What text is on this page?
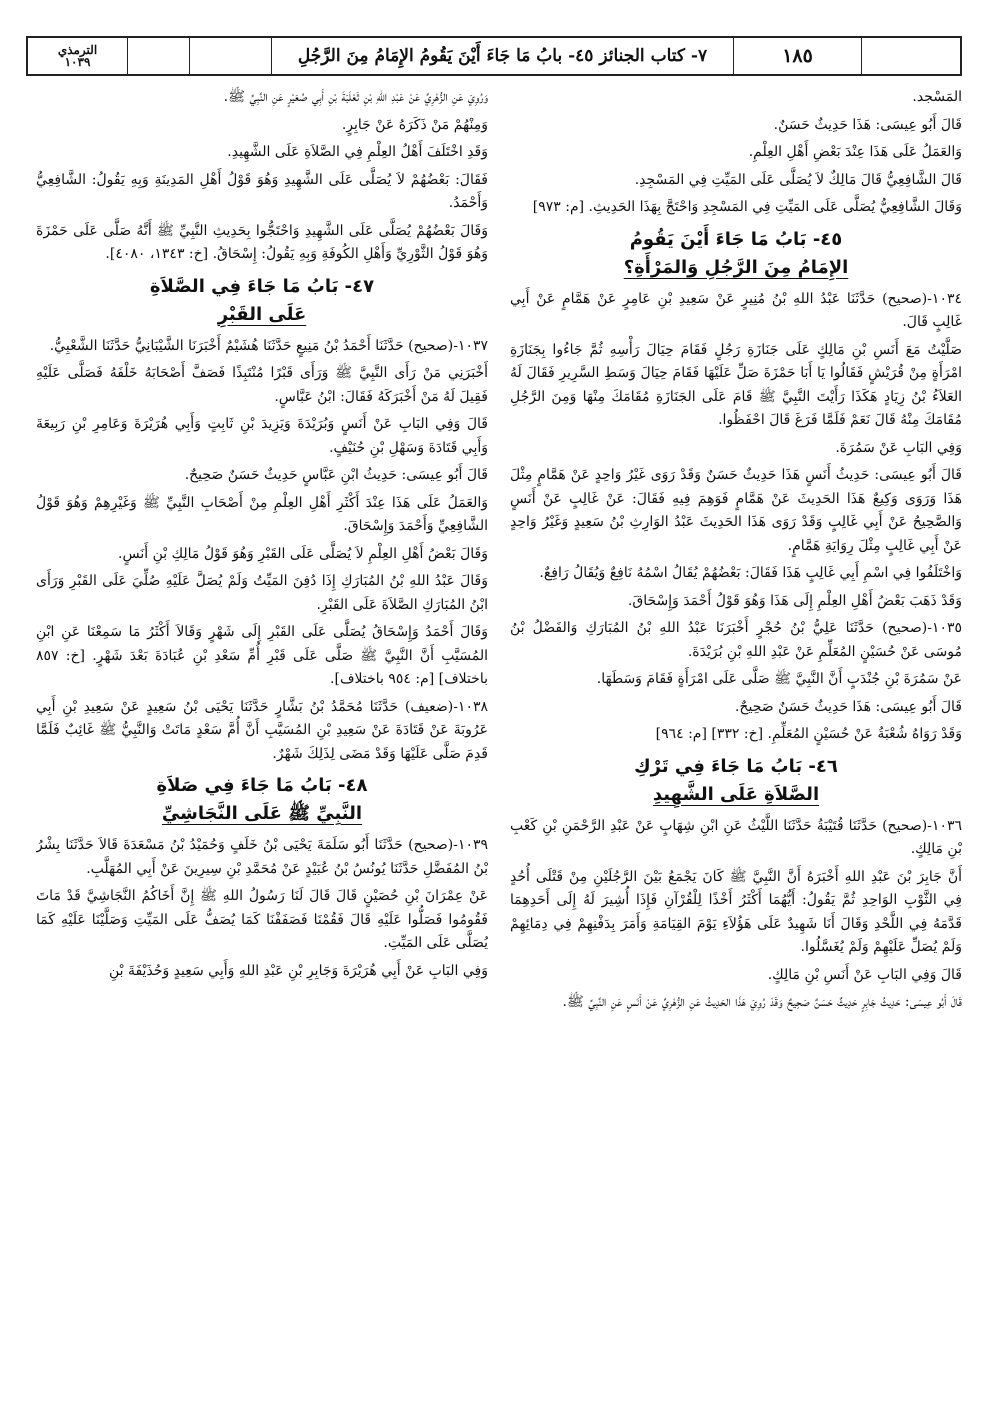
الترمذي
١٠٣٩	٧- كتاب الجنائز ٤٥- بابُ مَا جَاءَ أَيْنَ يَقُومُ الإِمَامُ مِنَ الرَّجُلِ	١٨٥

المَسْجد.

قَالَ أَبُو عِيسَى: هَذَا حَدِيثٌ حَسَنٌ.

وَالعَمَلُ عَلَى هَذَا عِنْدَ بَعْضِ أَهْلِ العِلْمِ.

قَالَ الشَّافِعِيُّ قَالَ مَالِكٌ لاَ يُصَلَّى عَلَى المَيِّتِ فِي المَسْجِدِ.

وَقَالَ الشَّافِعِيُّ يُصَلَّى عَلَى المَيِّتِ فِي المَسْجِدِ وَاحْتَجَّ بِهَذَا الحَدِيثِ. [م: ٩٧٣]

٤٥- بَابُ مَا جَاءَ أَيْنَ يَقُومُ
الإِمَامُ مِنَ الرَّجُلِ وَالمَرْأَةِ؟

١٠٣٤-(صحيح) حَدَّثَنَا عَبْدُ اللهِ بْنُ مُنِيرٍ عَنْ سَعِيدِ بْنِ عَامِرٍ عَنْ هَمَّامٍ عَنْ أَبِي غَالِبٍ قَالَ.

صَلَّيْتُ مَعَ أَنَسِ بْنِ مَالِكٍ عَلَى جَنَازَةِ رَجُلٍ فَقَامَ حِيَالَ رَأْسِهِ ثُمَّ جَاءُوا بِجَنَازَةِ امْرَأَةٍ مِنْ قُرَيْشٍ فَقَالُوا يَا أَبَا حَمْزَةَ صَلِّ عَلَيْهَا فَقَامَ حِيَالَ وَسَطِ السَّرِيرِ فَقَالَ لَهُ العَلاَءُ بْنُ زِيَادٍ هَكَذَا رَأَيْتَ النَّبِيَّ ﷺ قَامَ عَلَى الجَنَازَةِ مُقَامَكَ مِنْهَا وَمِنَ الرَّجُلِ مُقَامَكَ مِنْهُ قَالَ نَعَمْ فَلَمَّا فَرَغَ قَالَ احْفَظُوا.

وَفِي البَابِ عَنْ سَمُرَةَ.

قَالَ أَبُو عِيسَى: حَدِيثُ أَنَسٍ هَذَا حَدِيثٌ حَسَنٌ وَقَدْ رَوَى غَيْرُ وَاحِدٍ عَنْ هَمَّامٍ مِثْلَ هَذَا وَرَوَى وَكِيعٌ هَذَا الحَدِيثَ عَنْ هَمَّامٍ فَوَهِمَ فِيهِ فَقَالَ: عَنْ غَالِبٍ عَنْ أَنَسٍ وَالصَّحِيحُ عَنْ أَبِي غَالِبٍ وَقَدْ رَوَى هَذَا الحَدِيثَ عَبْدُ الوَارِثِ بْنُ سَعِيدٍ وَغَيْرُ وَاحِدٍ عَنْ أَبِي غَالِبٍ مِثْلَ رِوَايَةِ هَمَّامٍ.

وَاخْتَلَفُوا فِي اسْمِ أَبِي غَالِبٍ هَذَا فَقَالَ: بَعْضُهُمْ يُقَالُ اسْمُهُ نَافِعٌ وَيُقَالُ رَافِعٌ.

وَقَدْ ذَهَبَ بَعْضُ أَهْلِ العِلْمِ إِلَى هَذَا وَهُوَ قَوْلُ أَحْمَدَ وَإِسْحَاقَ.

١٠٣٥-(صحيح) حَدَّثَنَا عَلِيُّ بْنُ حُجْرٍ أَخْبَرَنَا عَبْدُ اللهِ بْنُ المُبَارَكِ وَالفَضْلُ بْنُ مُوسَى عَنْ حُسَيْنٍ المُعَلِّمِ عَنْ عَبْدِ اللهِ بْنِ بُرَيْدَةَ.

عَنْ سَمُرَةَ بْنِ جُنْدَبٍ أَنَّ النَّبِيَّ ﷺ صَلَّى عَلَى امْرَأَةٍ فَقَامَ وَسَطَهَا.

قَالَ أَبُو عِيسَى: هَذَا حَدِيثٌ حَسَنٌ صَحِيحٌ.

وَقَدْ رَوَاهُ شُعْبَةُ عَنْ حُسَيْنٍ المُعَلِّمِ. [خ: ٣٣٢] [م: ٩٦٤]

٤٦- بَابُ مَا جَاءَ فِي تَرْكِ
الصَّلاَةِ عَلَى الشَّهِيدِ

١٠٣٦-(صحيح) حَدَّثَنَا قُتَيْبَةُ حَدَّثَنَا اللَّيْثُ عَنِ ابْنِ شِهَابٍ عَنْ عَبْدِ الرَّحْمَنِ بْنِ كَعْبِ بْنِ مَالِكٍ.

أَنَّ جَابِرَ بْنَ عَبْدِ اللهِ أَخْبَرَهُ أَنَّ النَّبِيَّ ﷺ كَانَ يَجْمَعُ بَيْنَ الرَّجُلَيْنِ مِنْ قَتْلَى أُحُدٍ فِي الثَّوْبِ الوَاحِدِ ثُمَّ يَقُولُ: أَيُّهُمَا أَكْثَرُ أَخْذًا لِلْقُرْآنِ فَإِذَا أُشِيرَ لَهُ إِلَى أَحَدِهِمَا قَدَّمَهُ فِي اللَّحْدِ وَقَالَ أَنَا شَهِيدٌ عَلَى هَؤُلاَءِ يَوْمَ القِيَامَةِ وَأَمَرَ بِدَفْنِهِمْ فِي دِمَائِهِمْ وَلَمْ يُصَلِّ عَلَيْهِمْ وَلَمْ يُغَسَّلُوا.

قَالَ وَفِي البَابِ عَنْ أَنَسِ بْنِ مَالِكٍ.

قَالَ أَبُو عِيسَى: حَدِيثُ جَابِرٍ حَدِيثٌ حَسَنٌ صَحِيحٌ وَقَدْ رُوِيَ هَذَا الحَدِيثُ عَنِ الزُّهْرِيِّ عَنْ أَنَسٍ عَنِ النَّبِيِّ ﷺ.

وَرُوِيَ عَنِ الزُّهْرِيِّ عَنْ عَبْدِ اللهِ بْنِ ثَعْلَبَةَ بْنِ أَبِي صُعَيْرٍ عَنِ النَّبِيِّ ﷺ.

وَمِنْهُمْ مَنْ ذَكَرَهُ عَنْ جَابِرٍ.

وَقَدِ اخْتَلَفَ أَهْلُ العِلْمِ فِي الصَّلاَةِ عَلَى الشَّهِيدِ.

فَقَالَ: بَعْضُهُمْ لاَ يُصَلَّى عَلَى الشَّهِيدِ وَهُوَ قَوْلُ أَهْلِ المَدِينَةِ وَبِهِ يَقُولُ: الشَّافِعِيُّ وَأَحْمَدُ.

وَقَالَ بَعْضُهُمْ يُصَلَّى عَلَى الشَّهِيدِ وَاحْتَجُّوا بِحَدِيثِ النَّبِيِّ ﷺ أَنَّهُ صَلَّى عَلَى حَمْزَةَ وَهُوَ قَوْلُ الثَّوْرِيِّ وَأَهْلِ الكُوفَةِ وَبِهِ يَقُولُ: إِسْحَاقُ. [خ: ١٣٤٣، ٤٠٨٠].

٤٧- بَابُ مَا جَاءَ فِي الصَّلاَةِ
عَلَى القَبْرِ

١٠٣٧-(صحيح) حَدَّثَنَا أَحْمَدُ بْنُ مَنِيعٍ حَدَّثَنَا هُشَيْمٌ أَخْبَرَنَا الشَّيْبَانِيُّ حَدَّثَنَا الشَّعْبِيُّ.

أَخْبَرَنِي مَنْ رَأَى النَّبِيَّ ﷺ وَرَأَى قَبْرًا مُنْتَبِذًا فَصَفَّ أَصْحَابَهُ خَلْفَهُ فَصَلَّى عَلَيْهِ فَقِيلَ لَهُ مَنْ أَخْبَرَكَهُ فَقَالَ: ابْنُ عَبَّاسٍ.

قَالَ وَفِي البَابِ عَنْ أَنَسٍ وَبُرَيْدَةَ وَيَزِيدَ بْنِ ثَابِتٍ وَأَبِي هُرَيْرَةَ وَعَامِرِ بْنِ رَبِيعَةَ وَأَبِي قَتَادَةَ وَسَهْلِ بْنِ حُنَيْفٍ.

قَالَ أَبُو عِيسَى: حَدِيثُ ابْنِ عَبَّاسٍ حَدِيثٌ حَسَنٌ صَحِيحٌ.

وَالعَمَلُ عَلَى هَذَا عِنْدَ أَكْثَرِ أَهْلِ العِلْمِ مِنْ أَصْحَابِ النَّبِيِّ ﷺ وَغَيْرِهِمْ وَهُوَ قَوْلُ الشَّافِعِيِّ وَأَحْمَدَ وَإِسْحَاقَ.

وَقَالَ بَعْضُ أَهْلِ العِلْمِ لاَ يُصَلَّى عَلَى القَبْرِ وَهُوَ قَوْلُ مَالِكِ بْنِ أَنَسٍ.

وَقَالَ عَبْدُ اللهِ بْنُ المُبَارَكِ إِذَا دُفِنَ المَيِّتُ وَلَمْ يُصَلَّ عَلَيْهِ صُلِّيَ عَلَى القَبْرِ وَرَأَى ابْنُ المُبَارَكِ الصَّلاَةَ عَلَى القَبْرِ.

وَقَالَ أَحْمَدُ وَإِسْحَاقُ يُصَلَّى عَلَى القَبْرِ إِلَى شَهْرٍ وَقَالاَ أَكْثَرُ مَا سَمِعْنَا عَنِ ابْنِ المُسَيَّبِ أَنَّ النَّبِيَّ ﷺ صَلَّى عَلَى قَبْرِ أُمِّ سَعْدِ بْنِ عُبَادَةَ بَعْدَ شَهْرٍ. [خ: ٨٥٧ باختلاف] [م: ٩٥٤ باختلاف].

١٠٣٨-(ضعيف) حَدَّثَنَا مُحَمَّدُ بْنُ بَشَّارٍ حَدَّثَنَا يَحْيَى بْنُ سَعِيدٍ عَنْ سَعِيدِ بْنِ أَبِي عَرُوبَةَ عَنْ قَتَادَةَ عَنْ سَعِيدِ بْنِ المُسَيَّبِ أَنَّ أُمَّ سَعْدٍ مَاتَتْ وَالنَّبِيُّ ﷺ غَائِبٌ فَلَمَّا قَدِمَ صَلَّى عَلَيْهَا وَقَدْ مَضَى لِذَلِكَ شَهْرٌ.

٤٨- بَابُ مَا جَاءَ فِي صَلاَةِ
النَّبِيِّ ﷺ عَلَى النَّجَاشِيِّ

١٠٣٩-(صحيح) حَدَّثَنَا أَبُو سَلَمَةَ يَحْيَى بْنُ خَلَفٍ وَحُمَيْدُ بْنُ مَسْعَدَةَ قَالاَ حَدَّثَنَا بِشْرُ بْنُ المُفَضَّلِ حَدَّثَنَا يُونُسُ بْنُ عُبَيْدٍ عَنْ مُحَمَّدِ بْنِ سِيرِينَ عَنْ أَبِي المُهَلَّبِ.

عَنْ عِمْرَانَ بْنِ حُصَيْنٍ قَالَ قَالَ لَنَا رَسُولُ اللهِ ﷺ إِنَّ أَخَاكُمُ النَّجَاشِيَّ قَدْ مَاتَ فَقُومُوا فَصَلُّوا عَلَيْهِ قَالَ فَقُمْنَا فَصَفَفْنَا كَمَا يُصَفُّ عَلَى المَيِّتِ وَصَلَّيْنَا عَلَيْهِ كَمَا يُصَلَّى عَلَى المَيِّتِ.

وَفِي البَابِ عَنْ أَبِي هُرَيْرَةَ وَجَابِرِ بْنِ عَبْدِ اللهِ وَأَبِي سَعِيدٍ وَحُذَيْفَةَ بْنِ
